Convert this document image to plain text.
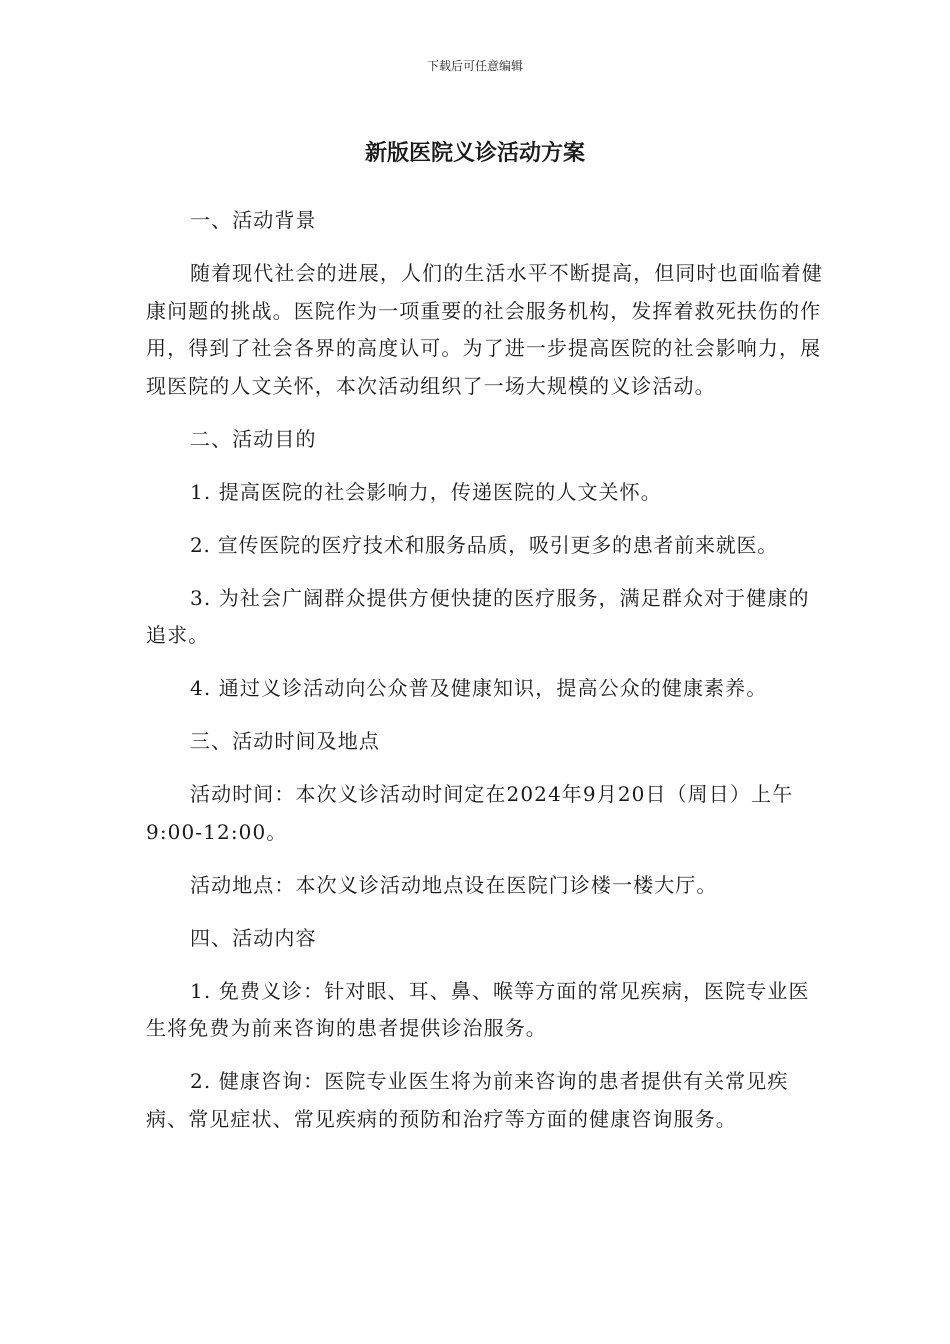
下载后可任意编辑
新版医院义诊活动方案

一、活动背景

随着现代社会的进展，人们的生活水平不断提高，但同时也面临着健康问题的挑战。医院作为一项重要的社会服务机构，发挥着救死扶伤的作用，得到了社会各界的高度认可。为了进一步提高医院的社会影响力，展现医院的人文关怀，本次活动组织了一场大规模的义诊活动。

二、活动目的

1. 提高医院的社会影响力，传递医院的人文关怀。

2. 宣传医院的医疗技术和服务品质，吸引更多的患者前来就医。

3. 为社会广阔群众提供方便快捷的医疗服务，满足群众对于健康的追求。

4. 通过义诊活动向公众普及健康知识，提高公众的健康素养。

三、活动时间及地点

活动时间：本次义诊活动时间定在2024年9月20日（周日）上午9:00-12:00。

活动地点：本次义诊活动地点设在医院门诊楼一楼大厅。

四、活动内容

1. 免费义诊：针对眼、耳、鼻、喉等方面的常见疾病，医院专业医生将免费为前来咨询的患者提供诊治服务。

2. 健康咨询：医院专业医生将为前来咨询的患者提供有关常见疾病、常见症状、常见疾病的预防和治疗等方面的健康咨询服务。
